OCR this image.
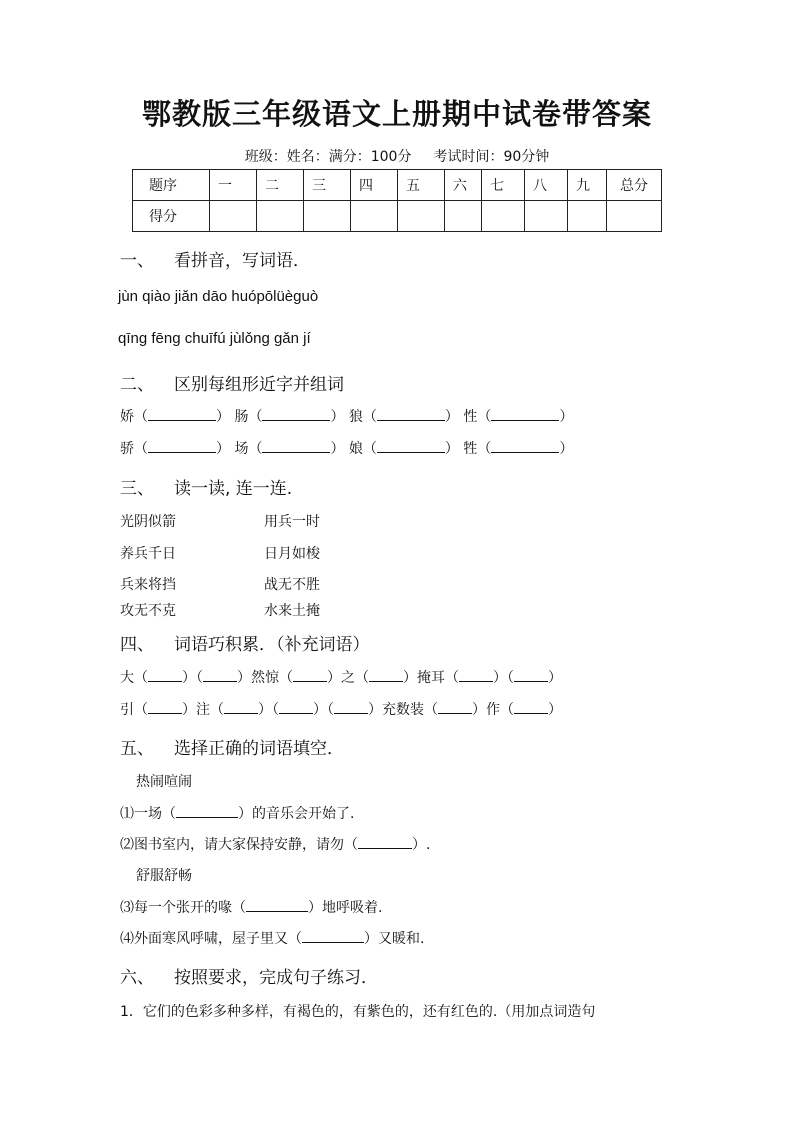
鄂教版三年级语文上册期中试卷带答案
班级：姓名：满分：100分 考试时间：90分钟
题序	一	二	三	四	五	六	七	八	九	总分
得分										
一、 看拼音，写词语．
jùn qiào jiǎn dāo huópōlüèguò
qīng fēng chuīfú jùlǒng gǎn jí
二、 区别每组形近字并组词
娇（	） 肠（	） 狼（	） 性（	）
骄（	） 场（	） 娘（	） 牲（	）
三、 读一读, 连一连.
光阴似箭	用兵一时
养兵千日	日月如梭
兵来将挡	战无不胜
攻无不克	水来土掩
四、 词语巧积累．（补充词语）
大（ ）（ ）然惊（ ）之（ ）掩耳（ ）（ ）
引（ ）注（ ）（ ）（ ）充数装（ ）作（ ）
五、 选择正确的词语填空．
热闹喧闹
⑴一场（	）的音乐会开始了.
⑵图书室内，请大家保持安静，请勿（	）.
舒服舒畅
⑶每一个张开的喙（	）地呼吸着.
⑷外面寒风呼啸，屋子里又（	）又暖和.
六、 按照要求，完成句子练习．
1．它们的色彩多种多样，有褐色的，有紫色的，还有红色的.（用加点词造句
